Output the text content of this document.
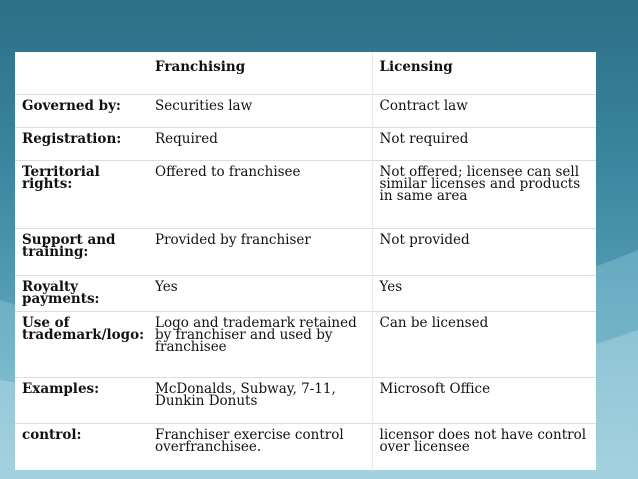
	Franchising	Licensing
Governed by:	Securities law	Contract law
Registration:	Required	Not required
Territorial rights:	Offered to franchisee	Not offered; licensee can sell similar licenses and products in same area
Support and training:	Provided by franchiser	Not provided
Royalty payments:	Yes	Yes
Use of trademark/logo:	Logo and trademark retained by franchiser and used by franchisee	Can be licensed
Examples:	McDonalds, Subway, 7-11, Dunkin Donuts	Microsoft Office
control:	Franchiser exercise control overfranchisee.	licensor does not have control over licensee
